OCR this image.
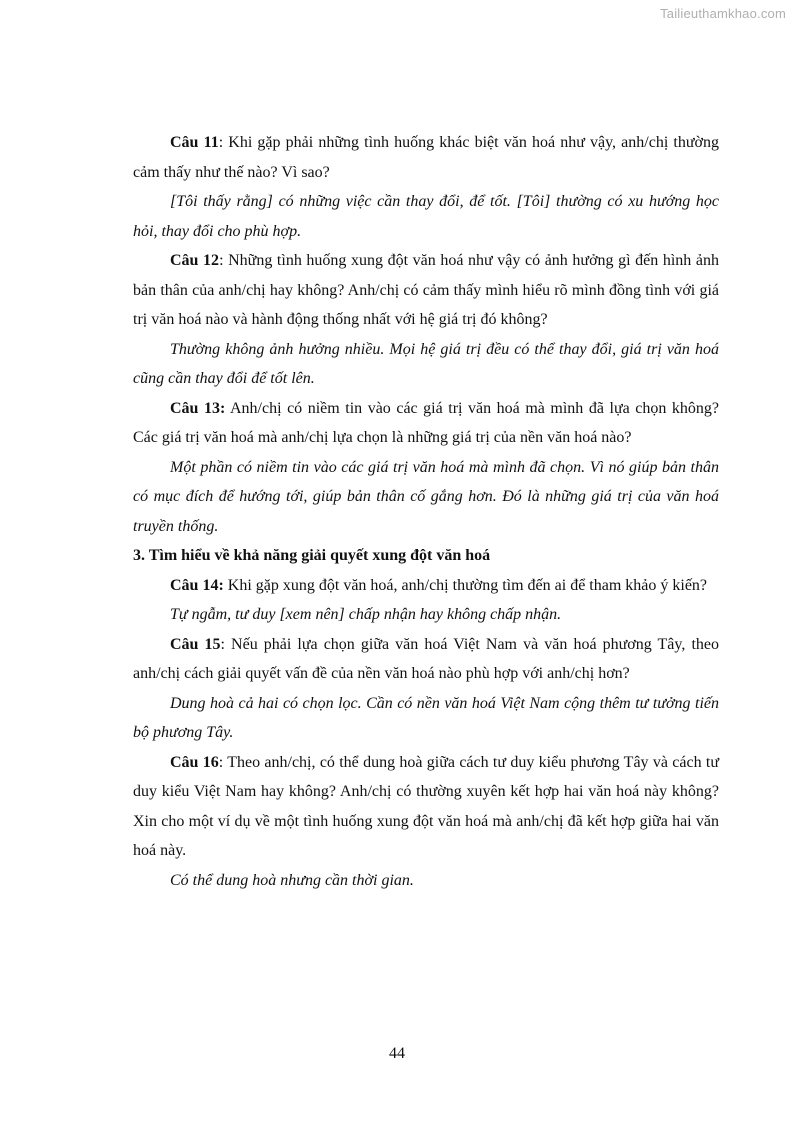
Tailieuthamkhao.com

Câu 11: Khi gặp phải những tình huống khác biệt văn hoá như vậy, anh/chị thường cảm thấy như thế nào? Vì sao?

[Tôi thấy rằng] có những việc cần thay đổi, để tốt. [Tôi] thường có xu hướng học hỏi, thay đổi cho phù hợp.

Câu 12: Những tình huống xung đột văn hoá như vậy có ảnh hưởng gì đến hình ảnh bản thân của anh/chị hay không? Anh/chị có cảm thấy mình hiểu rõ mình đồng tình với giá trị văn hoá nào và hành động thống nhất với hệ giá trị đó không?

Thường không ảnh hưởng nhiều. Mọi hệ giá trị đều có thể thay đổi, giá trị văn hoá cũng cần thay đổi để tốt lên.

Câu 13: Anh/chị có niềm tin vào các giá trị văn hoá mà mình đã lựa chọn không? Các giá trị văn hoá mà anh/chị lựa chọn là những giá trị của nền văn hoá nào?

Một phần có niềm tin vào các giá trị văn hoá mà mình đã chọn. Vì nó giúp bản thân có mục đích để hướng tới, giúp bản thân cố gắng hơn. Đó là những giá trị của văn hoá truyền thống.

3. Tìm hiểu về khả năng giải quyết xung đột văn hoá

Câu 14: Khi gặp xung đột văn hoá, anh/chị thường tìm đến ai để tham khảo ý kiến?

Tự ngẫm, tư duy [xem nên] chấp nhận hay không chấp nhận.

Câu 15: Nếu phải lựa chọn giữa văn hoá Việt Nam và văn hoá phương Tây, theo anh/chị cách giải quyết vấn đề của nền văn hoá nào phù hợp với anh/chị hơn?

Dung hoà cả hai có chọn lọc. Cần có nền văn hoá Việt Nam cộng thêm tư tưởng tiến bộ phương Tây.

Câu 16: Theo anh/chị, có thể dung hoà giữa cách tư duy kiểu phương Tây và cách tư duy kiểu Việt Nam hay không? Anh/chị có thường xuyên kết hợp hai văn hoá này không? Xin cho một ví dụ về một tình huống xung đột văn hoá mà anh/chị đã kết hợp giữa hai văn hoá này.

Có thể dung hoà nhưng cần thời gian.

44
